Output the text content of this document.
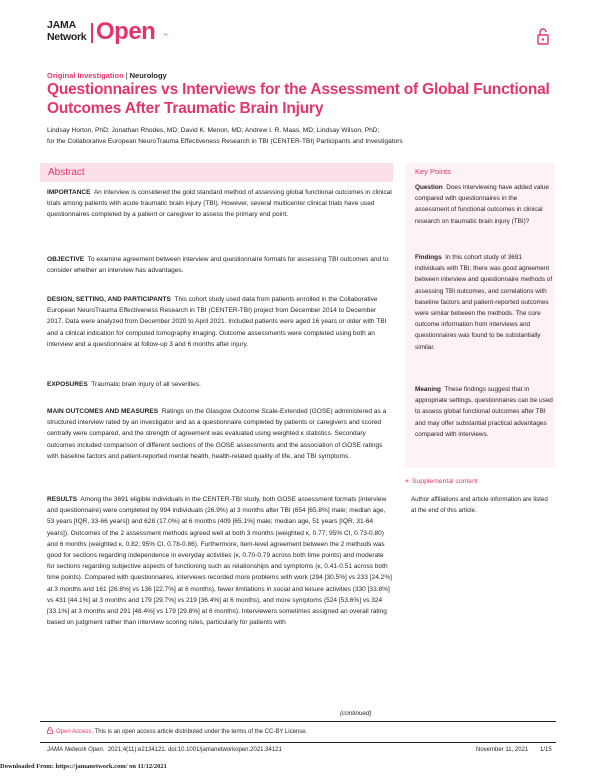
JAMA
Network Open ™
Original Investigation | Neurology
Questionnaires vs Interviews for the Assessment of Global Functional Outcomes After Traumatic Brain Injury
Lindsay Horton, PhD; Jonathan Rhodes, MD; David K. Menon, MD; Andrew I. R. Maas, MD; Lindsay Wilson, PhD;
for the Collaborative European NeuroTrauma Effectiveness Research in TBI (CENTER-TBI) Participants and Investigators
Abstract

IMPORTANCE An interview is considered the gold standard method of assessing global functional outcomes in clinical trials among patients with acute traumatic brain injury (TBI). However, several multicenter clinical trials have used questionnaires completed by a patient or caregiver to assess the primary end point.

OBJECTIVE To examine agreement between interview and questionnaire formats for assessing TBI outcomes and to consider whether an interview has advantages.

DESIGN, SETTING, AND PARTICIPANTS This cohort study used data from patients enrolled in the Collaborative European NeuroTrauma Effectiveness Research in TBI (CENTER-TBI) project from December 2014 to December 2017. Data were analyzed from December 2020 to April 2021. Included patients were aged 16 years or older with TBI and a clinical indication for computed tomography imaging. Outcome assessments were completed using both an interview and a questionnaire at follow-up 3 and 6 months after injury.

EXPOSURES Traumatic brain injury of all severities.

MAIN OUTCOMES AND MEASURES Ratings on the Glasgow Outcome Scale-Extended (GOSE) administered as a structured interview rated by an investigator and as a questionnaire completed by patients or caregivers and scored centrally were compared, and the strength of agreement was evaluated using weighted κ statistics. Secondary outcomes included comparison of different sections of the GOSE assessments and the association of GOSE ratings with baseline factors and patient-reported mental health, health-related quality of life, and TBI symptoms.

RESULTS Among the 3691 eligible individuals in the CENTER-TBI study, both GOSE assessment formats (interview and questionnaire) were completed by 994 individuals (26.9%) at 3 months after TBI (654 [65.8%] male; median age, 53 years [IQR, 33-66 years]) and 628 (17.0%) at 6 months (409 [65.1%] male; median age, 51 years [IQR, 31-64 years]). Outcomes of the 2 assessment methods agreed well at both 3 months (weighted κ, 0.77; 95% CI, 0.73-0.80) and 6 months (weighted κ, 0.82; 95% CI, 0.78-0.86). Furthermore, item-level agreement between the 2 methods was good for sections regarding independence in everyday activities (κ, 0.70-0.79 across both time points) and moderate for sections regarding subjective aspects of functioning such as relationships and symptoms (κ, 0.41-0.51 across both time points). Compared with questionnaires, interviews recorded more problems with work (294 [30.5%] vs 233 [24.2%] at 3 months and 161 [26.8%] vs 136 [22.7%] at 6 months), fewer limitations in social and leisure activities (330 [33.8%] vs 431 [44.1%] at 3 months and 179 [29.7%] vs 219 [36.4%] at 6 months), and more symptoms (524 [53.6%] vs 324 [33.1%] at 3 months and 291 [48.4%] vs 179 [29.8%] at 6 months). Interviewers sometimes assigned an overall rating based on judgment rather than interview scoring rules, particularly for patients with

Key Points

Question Does interviewing have added value compared with questionnaires in the assessment of functional outcomes in clinical research on traumatic brain injury (TBI)?

Findings In this cohort study of 3691 individuals with TBI, there was good agreement between interview and questionnaire methods of assessing TBI outcomes, and correlations with baseline factors and patient-reported outcomes were similar between the methods. The core outcome information from interviews and questionnaires was found to be substantially similar.

Meaning These findings suggest that in appropriate settings, questionnaires can be used to assess global functional outcomes after TBI and may offer substantial practical advantages compared with interviews.

+ Supplemental content
Author affiliations and article information are listed at the end of this article.
(continued)
Open Access. This is an open access article distributed under the terms of the CC-BY License.
JAMA Network Open. 2021;4(11):e2134121. doi:10.1001/jamanetworkopen.2021.34121	November 11, 2021 1/15
Downloaded From: https://jamanetwork.com/ on 11/12/2021
